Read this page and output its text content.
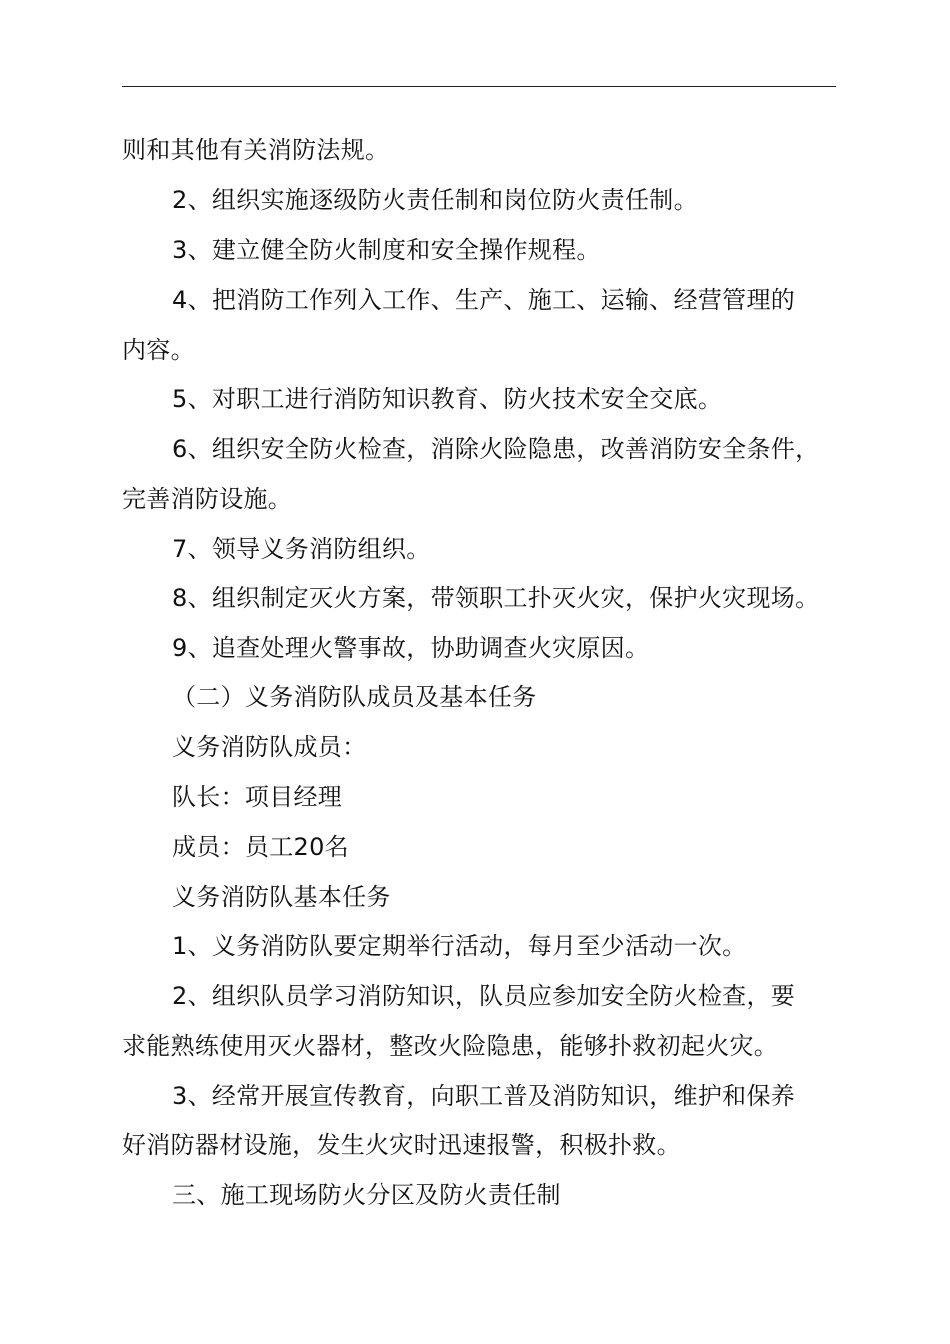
则和其他有关消防法规。

2、组织实施逐级防火责任制和岗位防火责任制。

3、建立健全防火制度和安全操作规程。

4、把消防工作列入工作、生产、施工、运输、经营管理的

内容。

5、对职工进行消防知识教育、防火技术安全交底。

6、组织安全防火检查，消除火险隐患，改善消防安全条件，

完善消防设施。

7、领导义务消防组织。

8、组织制定灭火方案，带领职工扑灭火灾，保护火灾现场。

9、追查处理火警事故，协助调查火灾原因。

（二）义务消防队成员及基本任务

义务消防队成员：

队长：项目经理

成员：员工20名

义务消防队基本任务

1、义务消防队要定期举行活动，每月至少活动一次。

2、组织队员学习消防知识，队员应参加安全防火检查，要

求能熟练使用灭火器材，整改火险隐患，能够扑救初起火灾。

3、经常开展宣传教育，向职工普及消防知识，维护和保养

好消防器材设施，发生火灾时迅速报警，积极扑救。

三、施工现场防火分区及防火责任制
